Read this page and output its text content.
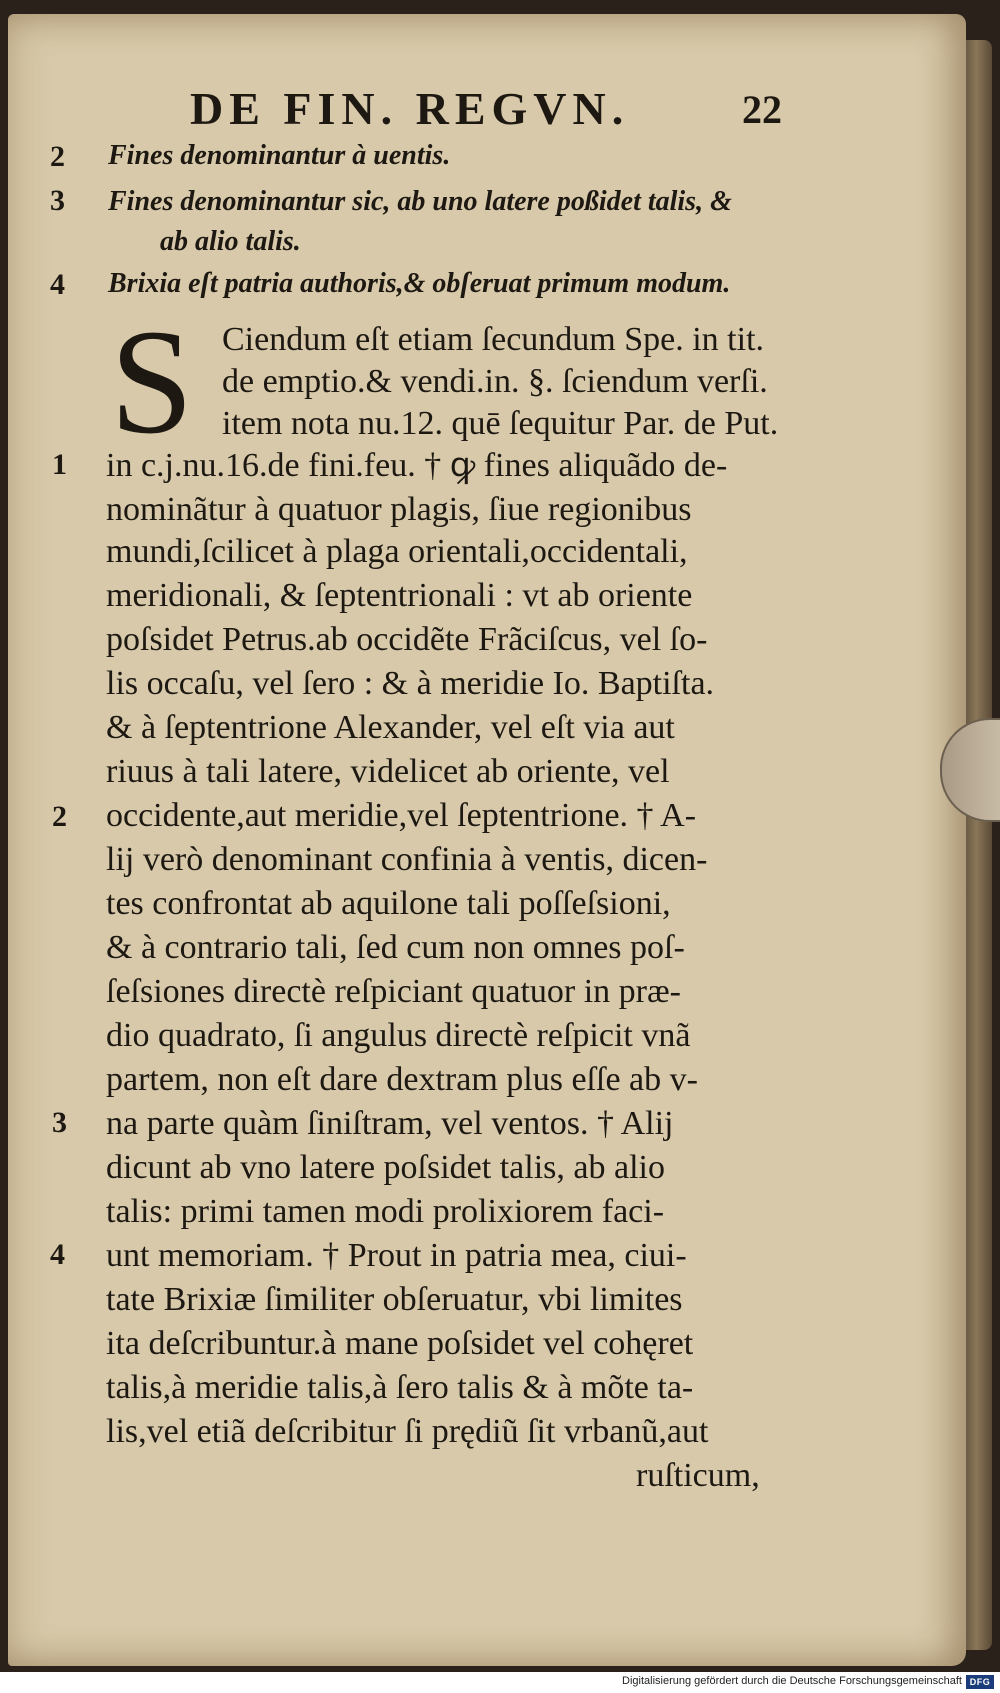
DE FIN. REGVN.	22
2
3
4
Fines denominantur à uentis.
Fines denominantur sic, ab uno latere poßidet talis, &
ab alio talis.
Brixia eſt patria authoris,& obſeruat primum modum.
S Ciendum eſt etiam ſecundum Spe. in tit.
de emptio.& vendi.in. §. ſciendum verſi.
item nota nu.12. quē ſequitur Par. de Put.
in c.j.nu.16.de fini.feu. † ꝙ fines aliquãdo de-
nominãtur à quatuor plagis, ſiue regionibus
mundi,ſcilicet à plaga orientali,occidentali,
meridionali, & ſeptentrionali : vt ab oriente
poſsidet Petrus.ab occidẽte Frãciſcus, vel ſo-
lis occaſu, vel ſero : & à meridie Io. Baptiſta.
& à ſeptentrione Alexander, vel eſt via aut
riuus à tali latere, videlicet ab oriente, vel
occidente,aut meridie,vel ſeptentrione. † A-
lij verò denominant confinia à ventis, dicen-
tes confrontat ab aquilone tali poſſeſsioni,
& à contrario tali, ſed cum non omnes poſ-
ſeſsiones directè reſpiciant quatuor in præ-
dio quadrato, ſi angulus directè reſpicit vnã
partem, non eſt dare dextram plus eſſe ab v-
na parte quàm ſiniſtram, vel ventos. † Alij
dicunt ab vno latere poſsidet talis, ab alio
talis: primi tamen modi prolixiorem faci-
unt memoriam. † Prout in patria mea, ciui-
tate Brixiæ ſimiliter obſeruatur, vbi limites
ita deſcribuntur.à mane poſsidet vel cohęret
talis,à meridie talis,à ſero talis & à mõte ta-
lis,vel etiã deſcribitur ſi prędiũ ſit vrbanũ,aut
ruſticum,
1
2
3
4
Digitalisierung gefördert durch die Deutsche Forschungsgemeinschaft DFG
